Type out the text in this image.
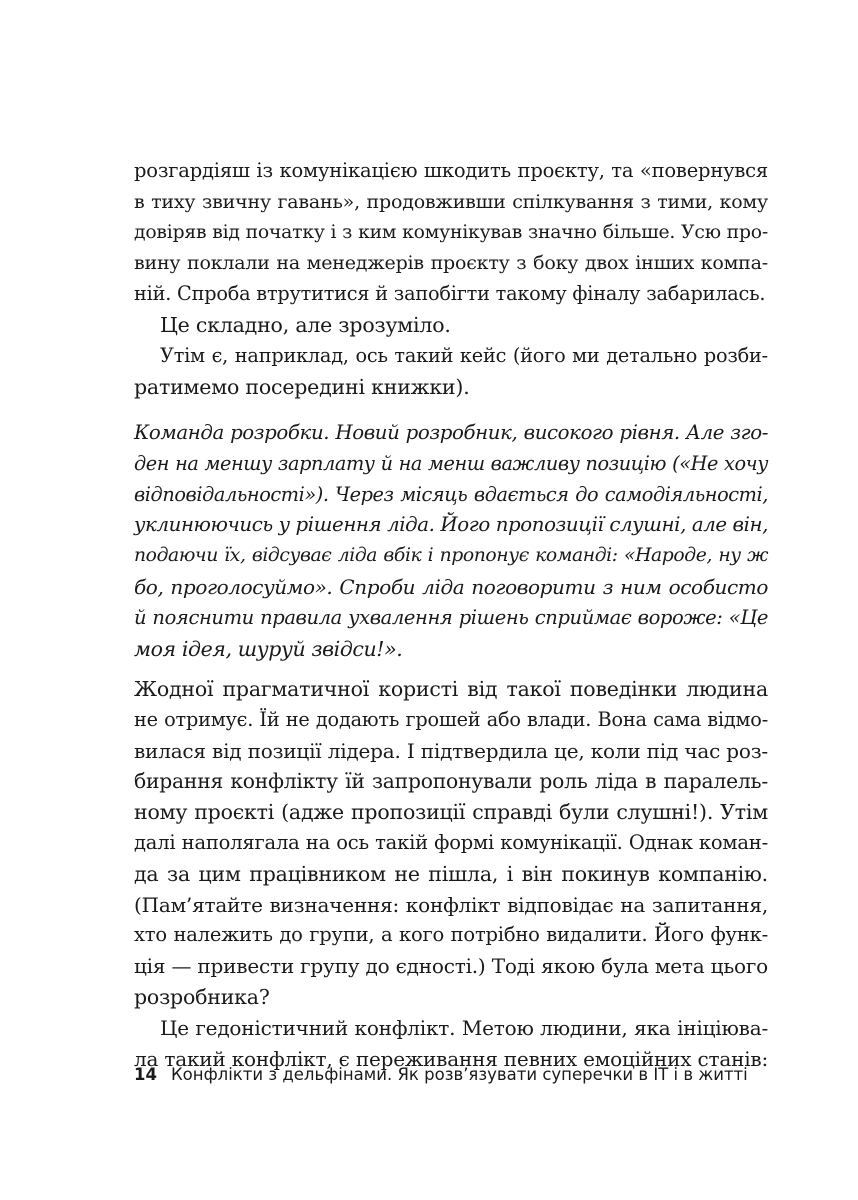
розгардіяш із комунікацією шкодить проєкту, та «повернувся
в тиху звичну гавань», продовживши спілкування з тими, кому
довіряв від початку і з ким комунікував значно більше. Усю про-
вину поклали на менеджерів проєкту з боку двох інших компа-
ній. Спроба втрутитися й запобігти такому фіналу забарилась.
Це складно, але зрозуміло.
Утім є, наприклад, ось такий кейс (його ми детально розби-
ратимемо посередині книжки).
Команда розробки. Новий розробник, високого рівня. Але зго-
ден на меншу зарплату й на менш важливу позицію («Не хочу
відповідальності»). Через місяць вдається до самодіяльності,
уклинюючись у рішення ліда. Його пропозиції слушні, але він,
подаючи їх, відсуває ліда вбік і пропонує команді: «Народе, ну ж
бо, проголосуймо». Спроби ліда поговорити з ним особисто
й пояснити правила ухвалення рішень сприймає вороже: «Це
моя ідея, шуруй звідси!».
Жодної прагматичної користі від такої поведінки людина
не отримує. Їй не додають грошей або влади. Вона сама відмо-
вилася від позиції лідера. І підтвердила це, коли під час роз-
бирання конфлікту їй запропонували роль ліда в паралель-
ному проєкті (адже пропозиції справді були слушні!). Утім
далі наполягала на ось такій формі комунікації. Однак коман-
да за цим працівником не пішла, і він покинув компанію.
(Пам’ятайте визначення: конфлікт відповідає на запитання,
хто належить до групи, а кого потрібно видалити. Його функ-
ція — привести групу до єдності.) Тоді якою була мета цього
розробника?
Це гедоністичний конфлікт. Метою людини, яка ініціюва-
ла такий конфлікт, є переживання певних емоційних станів:
14 Конфлікти з дельфінами. Як розв’язувати суперечки в ІТ і в житті
